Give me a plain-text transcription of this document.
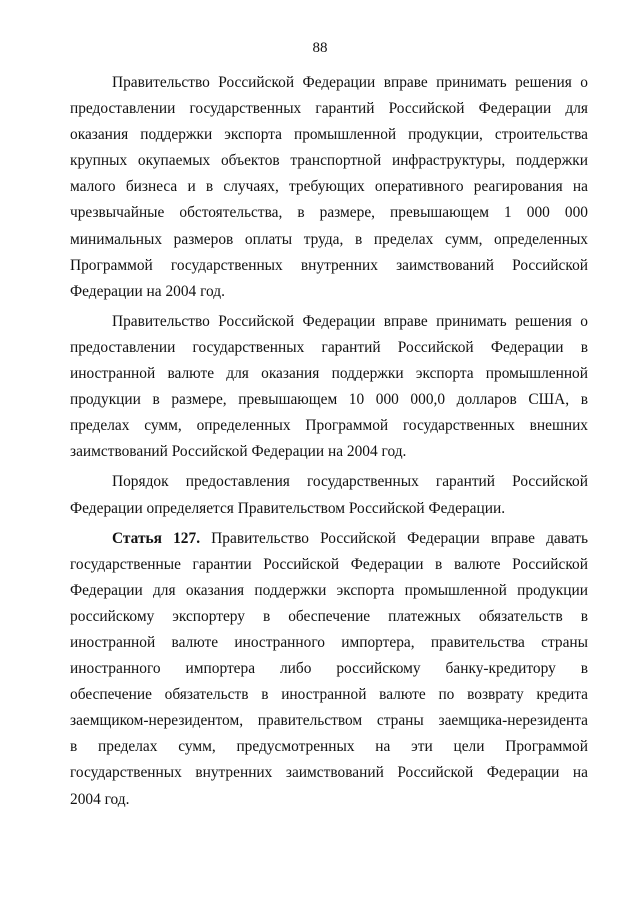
88
Правительство Российской Федерации вправе принимать решения о
предоставлении государственных гарантий Российской Федерации для
оказания поддержки экспорта промышленной продукции, строительства
крупных окупаемых объектов транспортной инфраструктуры, поддержки
малого бизнеса и в случаях, требующих оперативного реагирования на
чрезвычайные обстоятельства, в размере, превышающем 1 000 000
минимальных размеров оплаты труда, в пределах сумм, определенных
Программой государственных внутренних заимствований Российской
Федерации на 2004 год.
Правительство Российской Федерации вправе принимать решения о
предоставлении государственных гарантий Российской Федерации в
иностранной валюте для оказания поддержки экспорта промышленной
продукции в размере, превышающем 10 000 000,0 долларов США, в
пределах сумм, определенных Программой государственных внешних
заимствований Российской Федерации на 2004 год.
Порядок предоставления государственных гарантий Российской
Федерации определяется Правительством Российской Федерации.
Статья 127. Правительство Российской Федерации вправе давать
государственные гарантии Российской Федерации в валюте Российской
Федерации для оказания поддержки экспорта промышленной продукции
российскому экспортеру в обеспечение платежных обязательств в
иностранной валюте иностранного импортера, правительства страны
иностранного импортера либо российскому банку-кредитору в
обеспечение обязательств в иностранной валюте по возврату кредита
заемщиком-нерезидентом, правительством страны заемщика-нерезидента
в пределах сумм, предусмотренных на эти цели Программой
государственных внутренних заимствований Российской Федерации на
2004 год.
